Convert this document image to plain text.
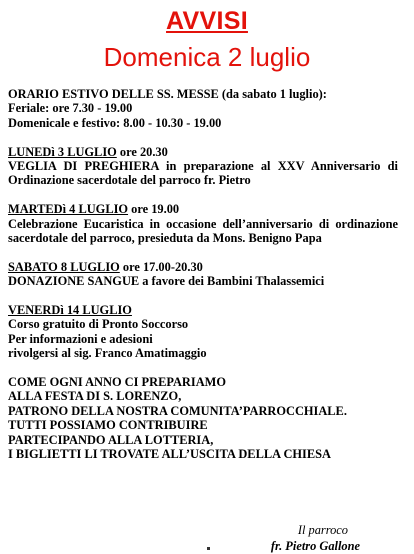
AVVISI
Domenica 2 luglio
ORARIO ESTIVO DELLE SS. MESSE (da sabato 1 luglio):
Feriale: ore 7.30 - 19.00
Domenicale e festivo: 8.00 - 10.30 - 19.00

LUNEDì 3 LUGLIO ore 20.30

VEGLIA DI PREGHIERA in preparazione al XXV Anniversario di Ordinazione sacerdotale del parroco fr. Pietro

MARTEDì 4 LUGLIO ore 19.00

Celebrazione Eucaristica in occasione dell’anniversario di ordinazione sacerdotale del parroco, presieduta da Mons. Benigno Papa

SABATO 8 LUGLIO ore 17.00-20.30

DONAZIONE SANGUE a favore dei Bambini Thalassemici

VENERDì 14 LUGLIO

Corso gratuito di Pronto Soccorso
Per informazioni e adesioni
rivolgersi al sig. Franco Amatimaggio
COME OGNI ANNO CI PREPARIAMO
ALLA FESTA DI S. LORENZO,
PATRONO DELLA NOSTRA COMUNITA’PARROCCHIALE.
TUTTI POSSIAMO CONTRIBUIRE
PARTECIPANDO ALLA LOTTERIA,
I BIGLIETTI LI TROVATE ALL’USCITA DELLA CHIESA
Il parroco
fr. Pietro Gallone
